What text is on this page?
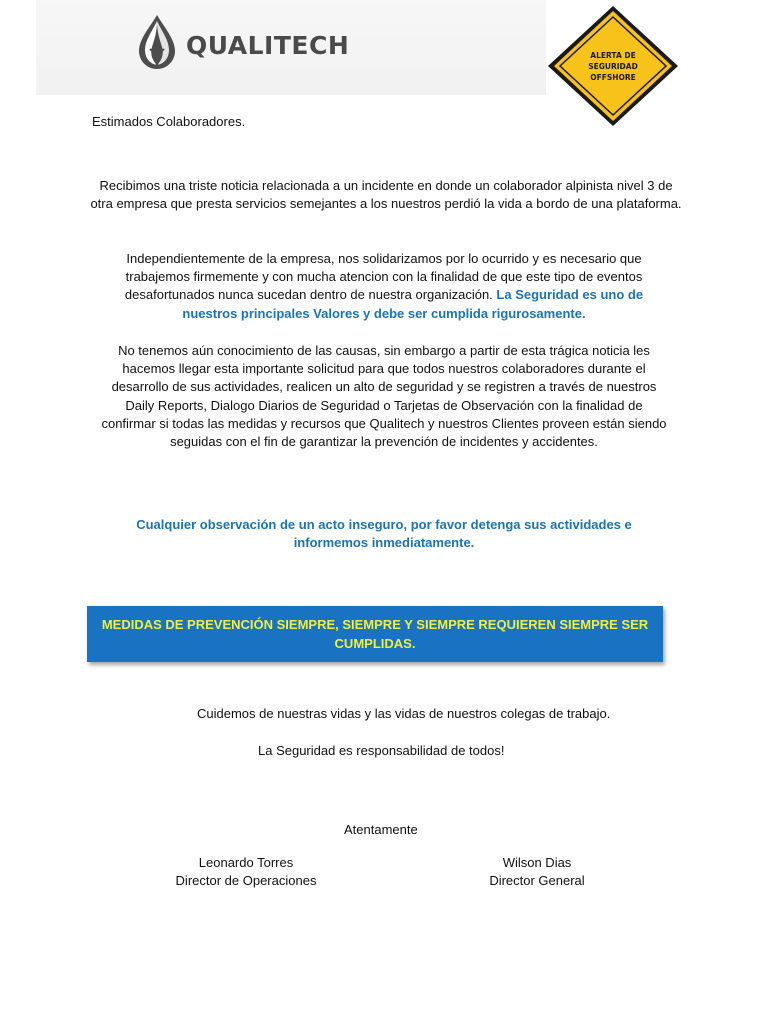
QUALITECH	ALERTA DE
SEGURIDAD
OFFSHORE
Estimados Colaboradores.
Recibimos una triste noticia relacionada a un incidente en donde un colaborador alpinista nivel 3 de otra empresa que presta servicios semejantes a los nuestros perdió la vida a bordo de una plataforma.
Independientemente de la empresa, nos solidarizamos por lo ocurrido y es necesario que trabajemos firmemente y con mucha atencion con la finalidad de que este tipo de eventos desafortunados nunca sucedan dentro de nuestra organización. La Seguridad es uno de nuestros principales Valores y debe ser cumplida rigurosamente.
No tenemos aún conocimiento de las causas, sin embargo a partir de esta trágica noticia les hacemos llegar esta importante solicitud para que todos nuestros colaboradores durante el desarrollo de sus actividades, realicen un alto de seguridad y se registren a través de nuestros Daily Reports, Dialogo Diarios de Seguridad o Tarjetas de Observación con la finalidad de confirmar si todas las medidas y recursos que Qualitech y nuestros Clientes proveen están siendo seguidas con el fin de garantizar la prevención de incidentes y accidentes.
Cualquier observación de un acto inseguro, por favor detenga sus actividades e informemos inmediatamente.
MEDIDAS DE PREVENCIÓN SIEMPRE, SIEMPRE Y SIEMPRE REQUIEREN SIEMPRE SER CUMPLIDAS.
Cuidemos de nuestras vidas y las vidas de nuestros colegas de trabajo.
La Seguridad es responsabilidad de todos!
Atentamente
Leonardo Torres
Director de Operaciones
Wilson Dias
Director General
